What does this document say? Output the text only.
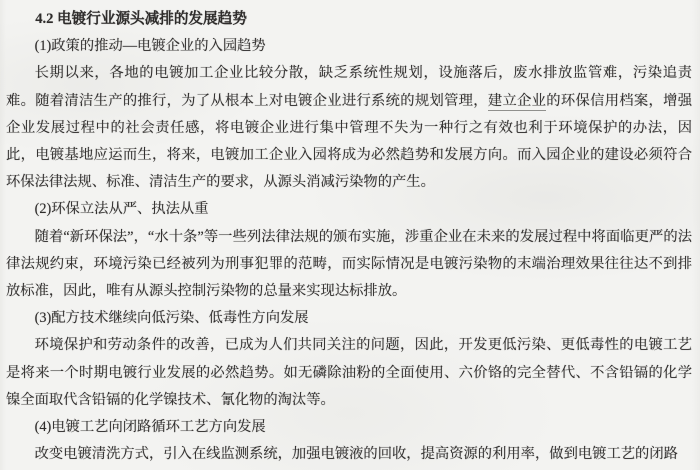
4.2 电镀行业源头减排的发展趋势

(1)政策的推动—电镀企业的入园趋势

长期以来，各地的电镀加工企业比较分散，缺乏系统性规划，设施落后，废水排放监管难，污染追责难。随着清洁生产的推行，为了从根本上对电镀企业进行系统的规划管理，建立企业的环保信用档案，增强企业发展过程中的社会责任感，将电镀企业进行集中管理不失为一种行之有效也利于环境保护的办法，因此，电镀基地应运而生，将来，电镀加工企业入园将成为必然趋势和发展方向。而入园企业的建设必须符合环保法律法规、标准、清洁生产的要求，从源头消减污染物的产生。

(2)环保立法从严、执法从重

随着“新环保法”，“水十条”等一些列法律法规的颁布实施，涉重企业在未来的发展过程中将面临更严的法律法规约束，环境污染已经被列为刑事犯罪的范畴，而实际情况是电镀污染物的末端治理效果往往达不到排放标准，因此，唯有从源头控制污染物的总量来实现达标排放。

(3)配方技术继续向低污染、低毒性方向发展

环境保护和劳动条件的改善，已成为人们共同关注的问题，因此，开发更低污染、更低毒性的电镀工艺是将来一个时期电镀行业发展的必然趋势。如无磷除油粉的全面使用、六价铬的完全替代、不含铅镉的化学镍全面取代含铅镉的化学镍技术、氰化物的淘汰等。

(4)电镀工艺向闭路循环工艺方向发展

改变电镀清洗方式，引入在线监测系统，加强电镀液的回收，提高资源的利用率，做到电镀工艺的闭路
